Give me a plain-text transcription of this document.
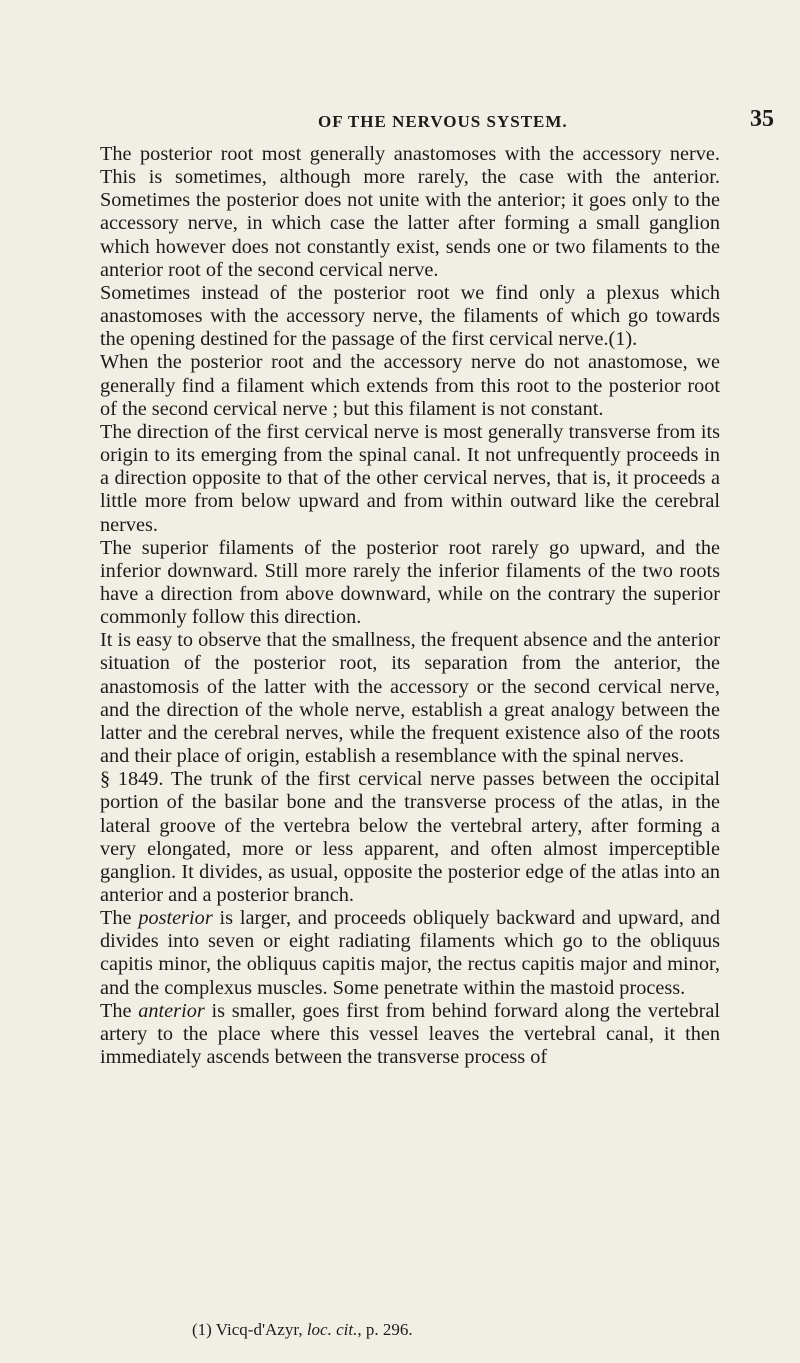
OF THE NERVOUS SYSTEM.	35

The posterior root most generally anastomoses with the accessory nerve. This is sometimes, although more rarely, the case with the anterior. Sometimes the posterior does not unite with the anterior; it goes only to the accessory nerve, in which case the latter after forming a small ganglion which however does not constantly exist, sends one or two filaments to the anterior root of the second cervical nerve.

Sometimes instead of the posterior root we find only a plexus which anastomoses with the accessory nerve, the filaments of which go towards the opening destined for the passage of the first cervical nerve.(1).

When the posterior root and the accessory nerve do not anastomose, we generally find a filament which extends from this root to the posterior root of the second cervical nerve ; but this filament is not constant.

The direction of the first cervical nerve is most generally transverse from its origin to its emerging from the spinal canal. It not unfrequently proceeds in a direction opposite to that of the other cervical nerves, that is, it proceeds a little more from below upward and from within outward like the cerebral nerves.

The superior filaments of the posterior root rarely go upward, and the inferior downward. Still more rarely the inferior filaments of the two roots have a direction from above downward, while on the contrary the superior commonly follow this direction.

It is easy to observe that the smallness, the frequent absence and the anterior situation of the posterior root, its separation from the anterior, the anastomosis of the latter with the accessory or the second cervical nerve, and the direction of the whole nerve, establish a great analogy between the latter and the cerebral nerves, while the frequent existence also of the roots and their place of origin, establish a resemblance with the spinal nerves.

§ 1849. The trunk of the first cervical nerve passes between the occipital portion of the basilar bone and the transverse process of the atlas, in the lateral groove of the vertebra below the vertebral artery, after forming a very elongated, more or less apparent, and often almost imperceptible ganglion. It divides, as usual, opposite the posterior edge of the atlas into an anterior and a posterior branch.

The posterior is larger, and proceeds obliquely backward and upward, and divides into seven or eight radiating filaments which go to the obliquus capitis minor, the obliquus capitis major, the rectus capitis major and minor, and the complexus muscles. Some penetrate within the mastoid process.

The anterior is smaller, goes first from behind forward along the vertebral artery to the place where this vessel leaves the vertebral canal, it then immediately ascends between the transverse process of

(1) Vicq-d'Azyr, loc. cit., p. 296.
